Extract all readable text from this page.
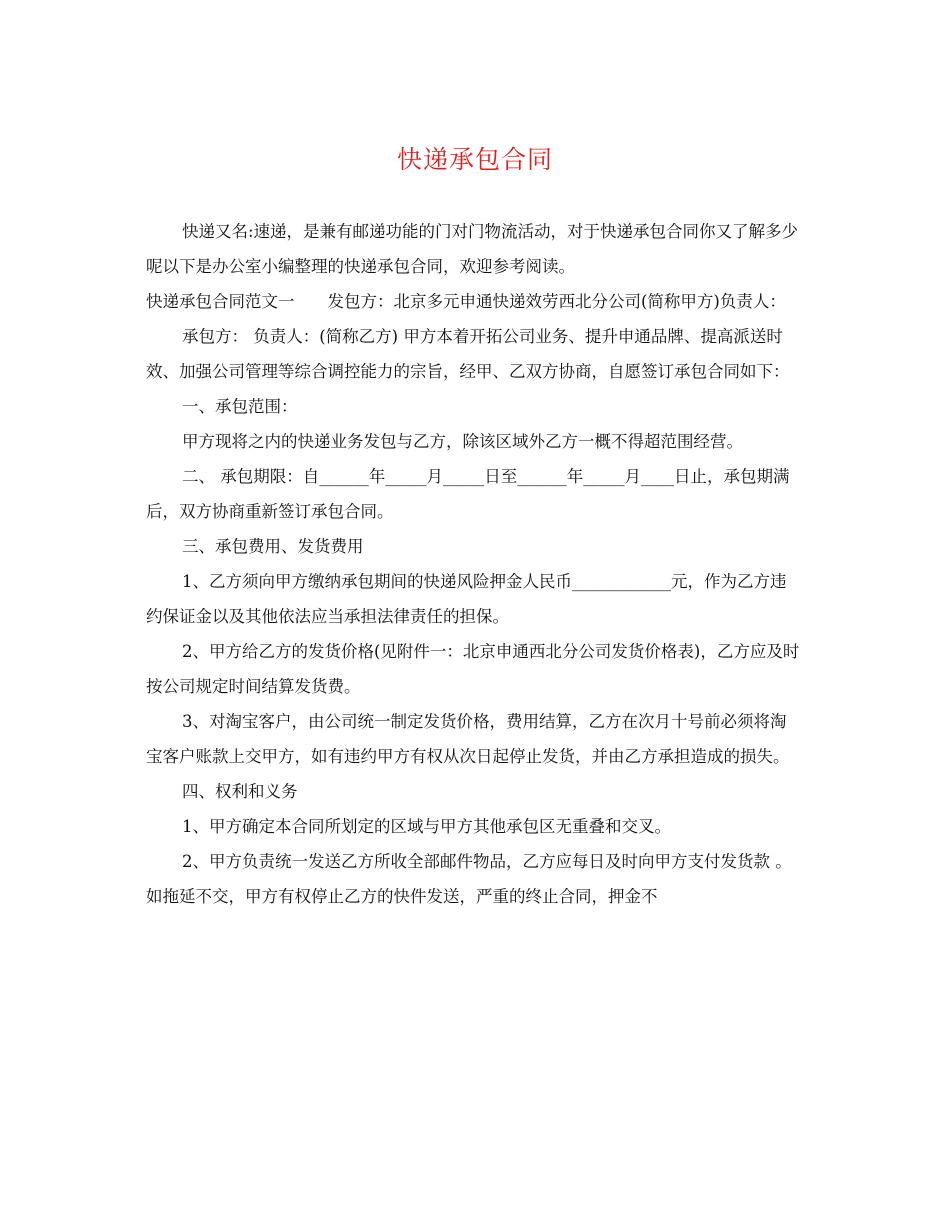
快递承包合同

快递又名:速递，是兼有邮递功能的门对门物流活动，对于快递承包合同你又了解多少呢以下是办公室小编整理的快递承包合同，欢迎参考阅读。

快递承包合同范文一　　发包方：北京多元申通快递效劳西北分公司(简称甲方)负责人：

承包方： 负责人：(简称乙方) 甲方本着开拓公司业务、提升申通品牌、提高派送时效、加强公司管理等综合调控能力的宗旨，经甲、乙双方协商，自愿签订承包合同如下：

一、承包范围：

甲方现将之内的快递业务发包与乙方，除该区域外乙方一概不得超范围经营。

二、 承包期限：自______年_____月_____日至______年_____月____日止，承包期满后，双方协商重新签订承包合同。

三、承包费用、发货费用

1、乙方须向甲方缴纳承包期间的快递风险押金人民币____________元，作为乙方违约保证金以及其他依法应当承担法律责任的担保。

2、甲方给乙方的发货价格(见附件一：北京申通西北分公司发货价格表)，乙方应及时按公司规定时间结算发货费。

3、对淘宝客户，由公司统一制定发货价格，费用结算，乙方在次月十号前必须将淘宝客户账款上交甲方，如有违约甲方有权从次日起停止发货，并由乙方承担造成的损失。

四、权利和义务

1、甲方确定本合同所划定的区域与甲方其他承包区无重叠和交叉。

2、甲方负责统一发送乙方所收全部邮件物品，乙方应每日及时向甲方支付发货款 。如拖延不交，甲方有权停止乙方的快件发送，严重的终止合同，押金不
